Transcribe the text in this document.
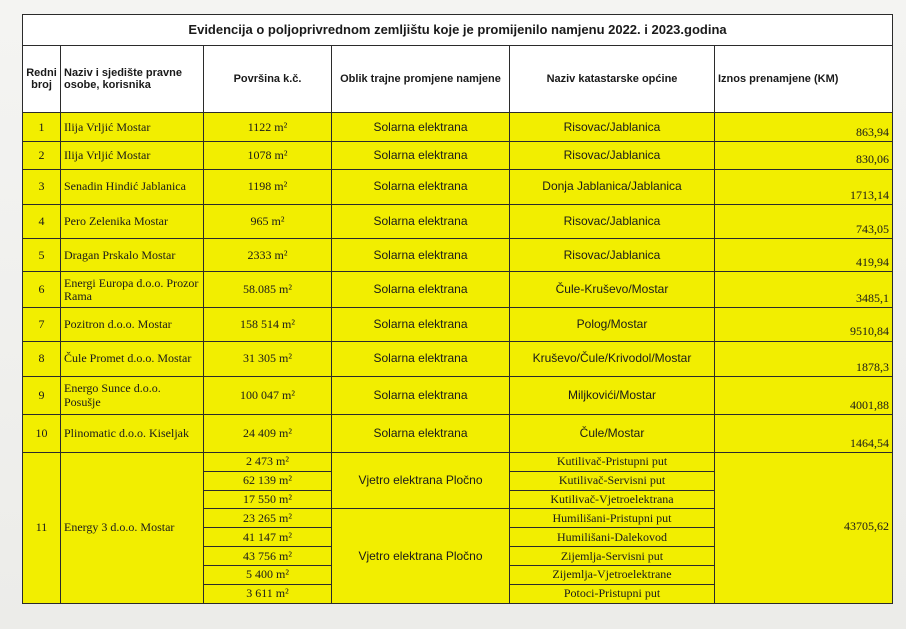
Evidencija o poljoprivrednom zemljištu koje je promijenilo namjenu 2022. i 2023.godina					
Redni broj	Naziv i sjedište pravne osobe, korisnika	Površina k.č.	Oblik trajne promjene namjene	Naziv katastarske općine	Iznos prenamjene (KM)
1	Ilija Vrljić Mostar	1122 m²	Solarna elektrana	Risovac/Jablanica	863,94
2	Ilija Vrljić Mostar	1078 m²	Solarna elektrana	Risovac/Jablanica	830,06
3	Senadin Hindić Jablanica	1198 m²	Solarna elektrana	Donja Jablanica/Jablanica	1713,14
4	Pero Zelenika Mostar	965 m²	Solarna elektrana	Risovac/Jablanica	743,05
5	Dragan Prskalo Mostar	2333 m²	Solarna elektrana	Risovac/Jablanica	419,94
6	Energi Europa d.o.o. Prozor Rama	58.085 m²	Solarna elektrana	Čule-Kruševo/Mostar	3485,1
7	Pozitron d.o.o. Mostar	158 514 m²	Solarna elektrana	Polog/Mostar	9510,84
8	Čule Promet d.o.o. Mostar	31 305 m²	Solarna elektrana	Kruševo/Čule/Krivodol/Mostar	1878,3
9	Energo Sunce d.o.o. Posušje	100 047 m²	Solarna elektrana	Miljkovići/Mostar	4001,88
10	Plinomatic d.o.o. Kiseljak	24 409 m²	Solarna elektrana	Čule/Mostar	1464,54
11	Energy 3 d.o.o. Mostar	2 473 m²	Vjetro elektrana Pločno	Kutilivač-Pristupni put	43705,62
		62 139 m²		Kutilivač-Servisni put	
		17 550 m²		Kutilivač-Vjetroelektrana	
		23 265 m²	Vjetro elektrana Pločno	Humilišani-Pristupni put	
		41 147 m²		Humilišani-Dalekovod	
		43 756 m²		Zijemlja-Servisni put	
		5 400 m²		Zijemlja-Vjetroelektrane	
		3 611 m²		Potoci-Pristupni put	
